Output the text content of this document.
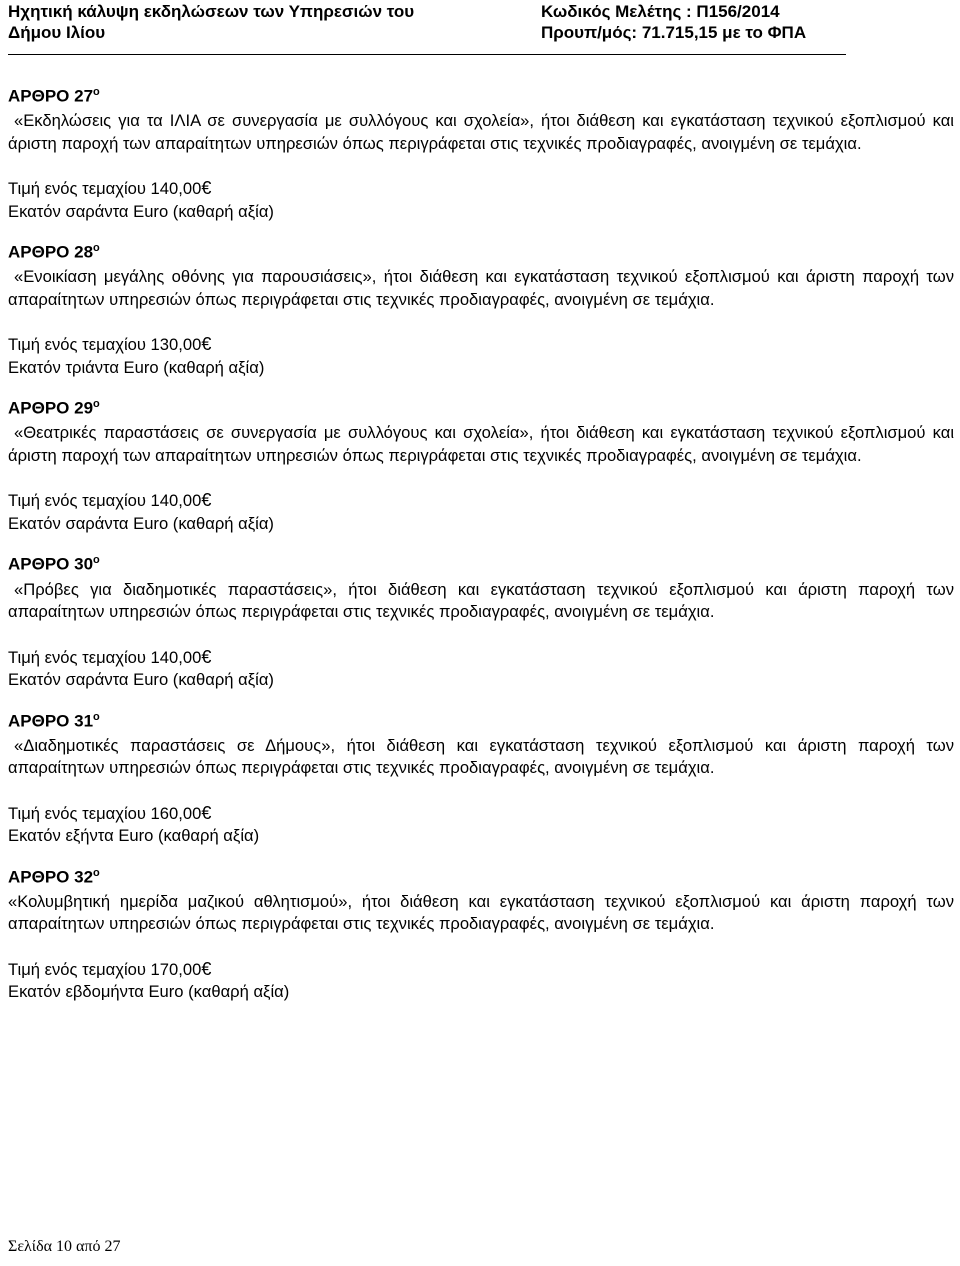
Ηχητική κάλυψη εκδηλώσεων των Υπηρεσιών του
Δήμου Ιλίου
Κωδικός Μελέτης : Π156/2014
Προυπ/μός: 71.715,15 με το ΦΠΑ
ΑΡΘΡΟ $27^o$

«Εκδηλώσεις για τα ΙΛΙΑ σε συνεργασία με συλλόγους και σχολεία», ήτοι διάθεση και εγκατάσταση τεχνικού εξοπλισμού και άριστη παροχή των απαραίτητων υπηρεσιών όπως περιγράφεται στις τεχνικές προδιαγραφές, ανοιγμένη σε τεμάχια.

Τιμή ενός τεμαχίου 140,00€

Εκατόν σαράντα Euro (καθαρή αξία)

ΑΡΘΡΟ $28^o$

«Ενοικίαση μεγάλης οθόνης για παρουσιάσεις», ήτοι διάθεση και εγκατάσταση τεχνικού εξοπλισμού και άριστη παροχή των απαραίτητων υπηρεσιών όπως περιγράφεται στις τεχνικές προδιαγραφές, ανοιγμένη σε τεμάχια.

Τιμή ενός τεμαχίου 130,00€

Εκατόν τριάντα Euro (καθαρή αξία)

ΑΡΘΡΟ $29^o$

«Θεατρικές παραστάσεις σε συνεργασία με συλλόγους και σχολεία», ήτοι διάθεση και εγκατάσταση τεχνικού εξοπλισμού και άριστη παροχή των απαραίτητων υπηρεσιών όπως περιγράφεται στις τεχνικές προδιαγραφές, ανοιγμένη σε τεμάχια.

Τιμή ενός τεμαχίου 140,00€

Εκατόν σαράντα Euro (καθαρή αξία)

ΑΡΘΡΟ $30^o$

«Πρόβες για διαδημοτικές παραστάσεις», ήτοι διάθεση και εγκατάσταση τεχνικού εξοπλισμού και άριστη παροχή των απαραίτητων υπηρεσιών όπως περιγράφεται στις τεχνικές προδιαγραφές, ανοιγμένη σε τεμάχια.

Τιμή ενός τεμαχίου 140,00€

Εκατόν σαράντα Euro (καθαρή αξία)

ΑΡΘΡΟ $31^o$

«Διαδημοτικές παραστάσεις σε Δήμους», ήτοι διάθεση και εγκατάσταση τεχνικού εξοπλισμού και άριστη παροχή των απαραίτητων υπηρεσιών όπως περιγράφεται στις τεχνικές προδιαγραφές, ανοιγμένη σε τεμάχια.

Τιμή ενός τεμαχίου 160,00€

Εκατόν εξήντα Euro (καθαρή αξία)

ΑΡΘΡΟ $32^o$

«Κολυμβητική ημερίδα μαζικού αθλητισμού», ήτοι διάθεση και εγκατάσταση τεχνικού εξοπλισμού και άριστη παροχή των απαραίτητων υπηρεσιών όπως περιγράφεται στις τεχνικές προδιαγραφές, ανοιγμένη σε τεμάχια.

Τιμή ενός τεμαχίου 170,00€

Εκατόν εβδομήντα Euro (καθαρή αξία)

Σελίδα 10 από 27
